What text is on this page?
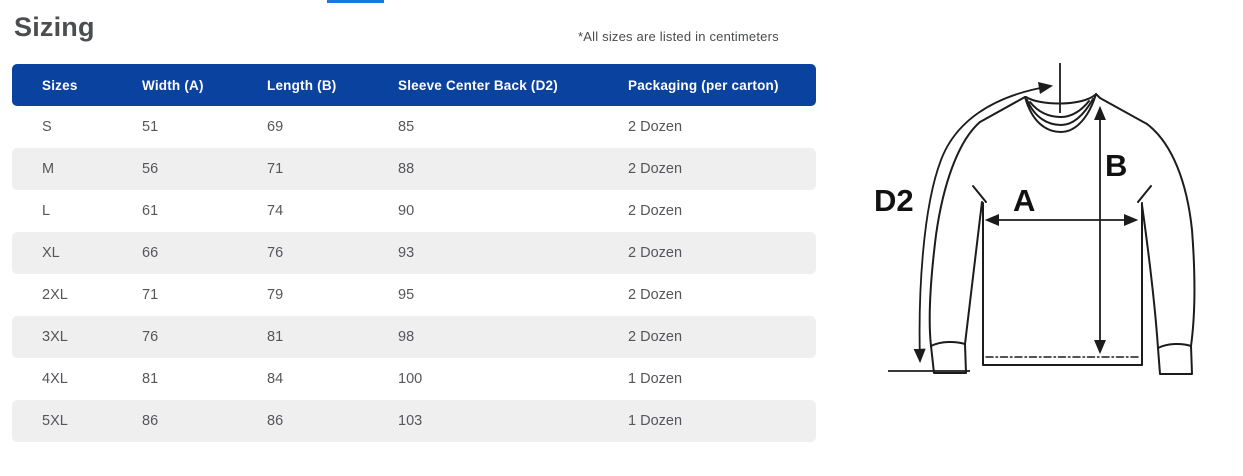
Sizing	*All sizes are listed in centimeters
Sizes	Width (A)	Length (B)	Sleeve Center Back (D2)	Packaging (per carton)
S	51	69	85	2 Dozen
M	56	71	88	2 Dozen
L	61	74	90	2 Dozen
XL	66	76	93	2 Dozen
2XL	71	79	95	2 Dozen
3XL	76	81	98	2 Dozen
4XL	81	84	100	1 Dozen
5XL	86	86	103	1 Dozen
D2	A
B
